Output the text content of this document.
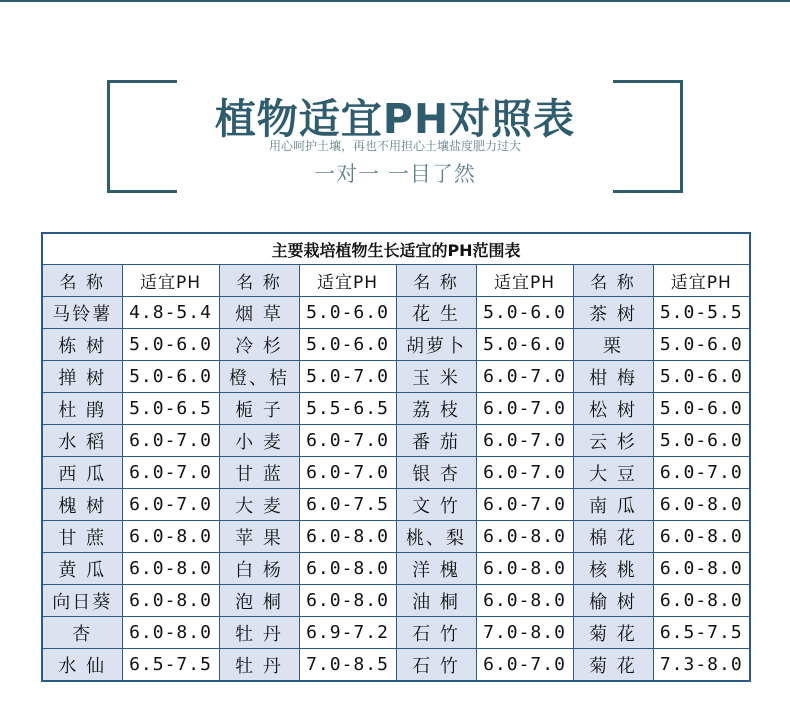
植物适宜PH对照表
用心呵护土壤，再也不用担心土壤盐度肥力过大
一对一 一目了然
主要栽培植物生长适宜的PH范围表							
名 称	适宜PH	名 称	适宜PH	名 称	适宜PH	名 称	适宜PH
马铃薯	4.8-5.4	烟 草	5.0-6.0	花 生	5.0-6.0	茶 树	5.0-5.5
栋 树	5.0-6.0	冷 杉	5.0-6.0	胡萝卜	5.0-6.0	栗	5.0-6.0
掸 树	5.0-6.0	橙、桔	5.0-7.0	玉 米	6.0-7.0	柑 梅	5.0-6.0
杜 鹃	5.0-6.5	栀 子	5.5-6.5	荔 枝	6.0-7.0	松 树	5.0-6.0
水 稻	6.0-7.0	小 麦	6.0-7.0	番 茄	6.0-7.0	云 杉	5.0-6.0
西 瓜	6.0-7.0	甘 蓝	6.0-7.0	银 杏	6.0-7.0	大 豆	6.0-7.0
槐 树	6.0-7.0	大 麦	6.0-7.5	文 竹	6.0-7.0	南 瓜	6.0-8.0
甘 蔗	6.0-8.0	苹 果	6.0-8.0	桃、梨	6.0-8.0	棉 花	6.0-8.0
黄 瓜	6.0-8.0	白 杨	6.0-8.0	洋 槐	6.0-8.0	核 桃	6.0-8.0
向日葵	6.0-8.0	泡 桐	6.0-8.0	油 桐	6.0-8.0	榆 树	6.0-8.0
杏	6.0-8.0	牡 丹	6.9-7.2	石 竹	7.0-8.0	菊 花	6.5-7.5
水 仙	6.5-7.5	牡 丹	7.0-8.5	石 竹	6.0-7.0	菊 花	7.3-8.0
